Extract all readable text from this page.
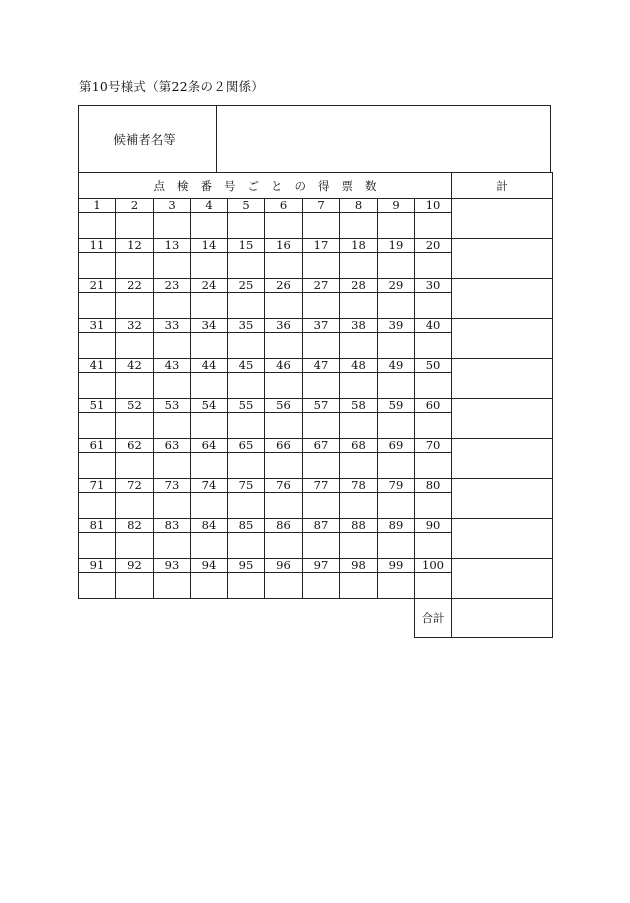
第10号様式（第22条の２関係）
候補者名等
点 検 番 号 ご と の 得 票 数										計
1	2	3	4	5	6	7	8	9	10	

11	12	13	14	15	16	17	18	19	20	

21	22	23	24	25	26	27	28	29	30	

31	32	33	34	35	36	37	38	39	40	

41	42	43	44	45	46	47	48	49	50	

51	52	53	54	55	56	57	58	59	60	

61	62	63	64	65	66	67	68	69	70	

71	72	73	74	75	76	77	78	79	80	

81	82	83	84	85	86	87	88	89	90	

91	92	93	94	95	96	97	98	99	100	

									合計	
